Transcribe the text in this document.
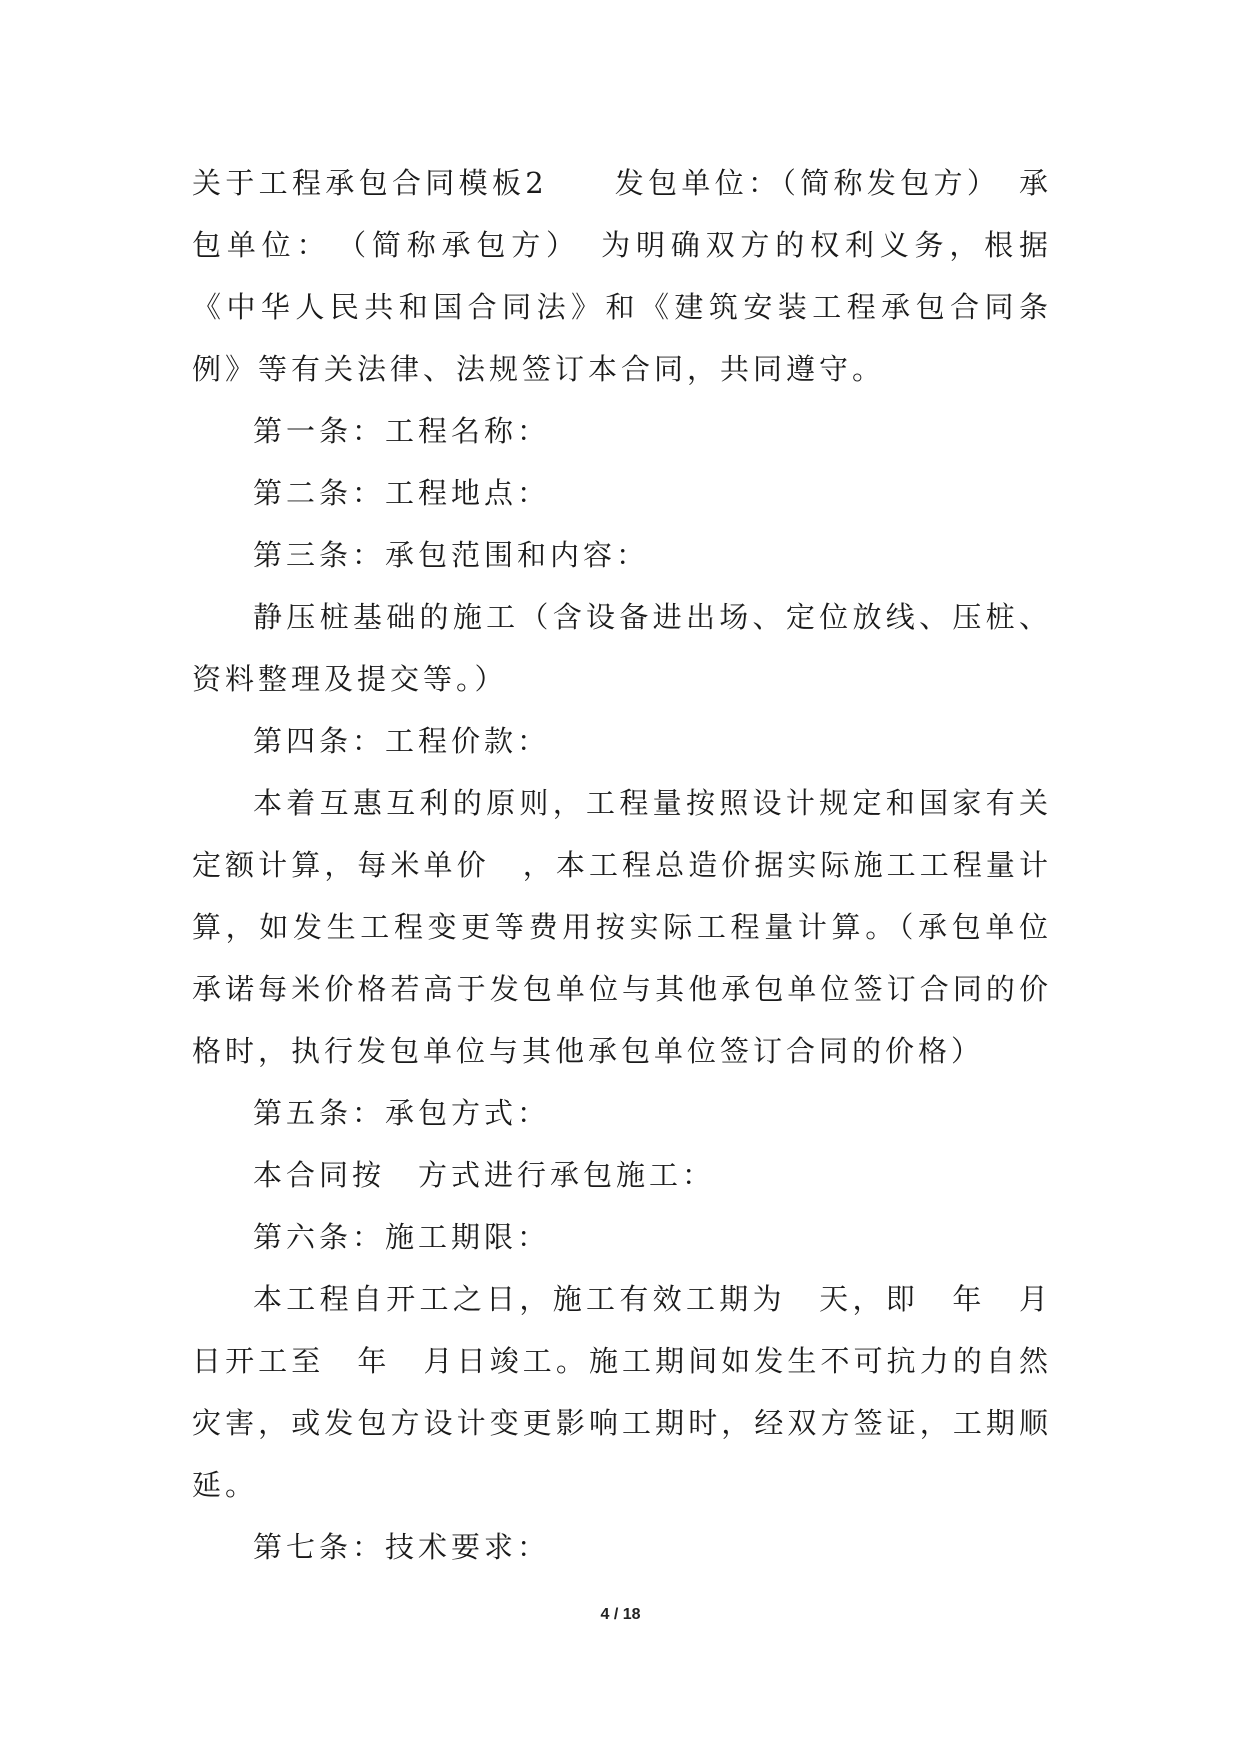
关于工程承包合同模板2　　发包单位：（简称发包方）　承包单位：　（简称承包方）　为明确双方的权利义务，根据《中华人民共和国合同法》和《建筑安装工程承包合同条例》等有关法律、法规签订本合同，共同遵守。

第一条：工程名称：

第二条：工程地点：

第三条：承包范围和内容：

静压桩基础的施工（含设备进出场、定位放线、压桩、资料整理及提交等。）

第四条：工程价款：

本着互惠互利的原则，工程量按照设计规定和国家有关定额计算，每米单价　，本工程总造价据实际施工工程量计算，如发生工程变更等费用按实际工程量计算。（承包单位承诺每米价格若高于发包单位与其他承包单位签订合同的价格时，执行发包单位与其他承包单位签订合同的价格）

第五条：承包方式：

本合同按　方式进行承包施工：

第六条：施工期限：

本工程自开工之日，施工有效工期为　天，即　年　月日开工至　年　月日竣工。施工期间如发生不可抗力的自然灾害，或发包方设计变更影响工期时，经双方签证，工期顺延。

第七条：技术要求：

4 / 18
